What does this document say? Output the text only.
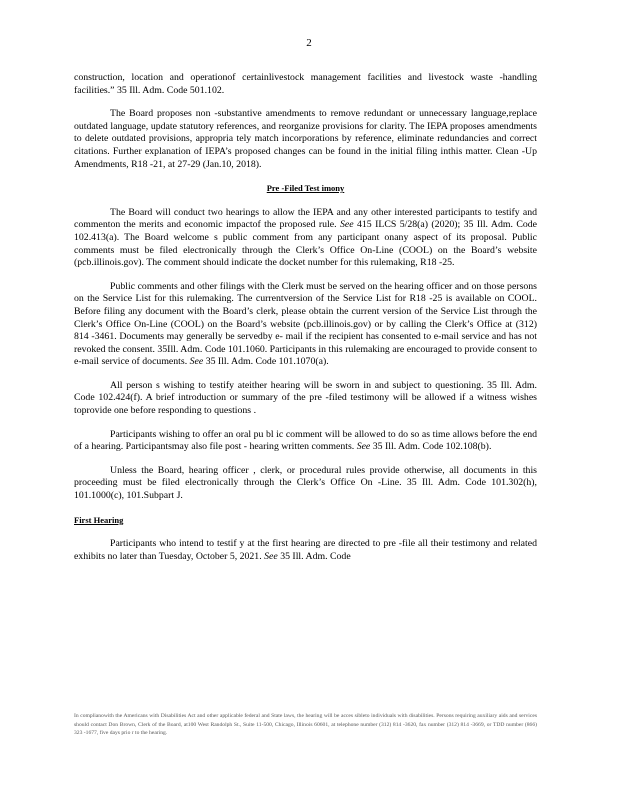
2

construction, location and operationof certainlivestock management facilities and livestock waste -handling facilities.” 35 Ill. Adm. Code 501.102.

The Board proposes non -substantive amendments to remove redundant or unnecessary language,replace outdated language, update statutory references, and reorganize provisions for clarity. The IEPA proposes amendments to delete outdated provisions, appropria tely match incorporations by reference, eliminate redundancies and correct citations. Further explanation of IEPA’s proposed changes can be found in the initial filing inthis matter. Clean -Up Amendments, R18 -21, at 27-29 (Jan.10, 2018).

Pre -Filed Test imony

The Board will conduct two hearings to allow the IEPA and any other interested participants to testify and commenton the merits and economic impactof the proposed rule. See 415 ILCS 5/28(a) (2020); 35 Ill. Adm. Code 102.413(a). The Board welcome s public comment from any participant onany aspect of its proposal. Public comments must be filed electronically through the Clerk’s Office On-Line (COOL) on the Board’s website (pcb.illinois.gov). The comment should indicate the docket number for this rulemaking, R18 -25.

Public comments and other filings with the Clerk must be served on the hearing officer and on those persons on the Service List for this rulemaking. The currentversion of the Service List for R18 -25 is available on COOL. Before filing any document with the Board’s clerk, please obtain the current version of the Service List through the Clerk’s Office On-Line (COOL) on the Board’s website (pcb.illinois.gov) or by calling the Clerk’s Office at (312) 814 -3461. Documents may generally be servedby e- mail if the recipient has consented to e-mail service and has not revoked the consent. 35Ill. Adm. Code 101.1060. Participants in this rulemaking are encouraged to provide consent to e-mail service of documents. See 35 Ill. Adm. Code 101.1070(a).

All person s wishing to testify ateither hearing will be sworn in and subject to questioning. 35 Ill. Adm. Code 102.424(f). A brief introduction or summary of the pre -filed testimony will be allowed if a witness wishes toprovide one before responding to questions .

Participants wishing to offer an oral pu bl ic comment will be allowed to do so as time allows before the end of a hearing. Participantsmay also file post - hearing written comments. See 35 Ill. Adm. Code 102.108(b).

Unless the Board, hearing officer , clerk, or procedural rules provide otherwise, all documents in this proceeding must be filed electronically through the Clerk’s Office On -Line. 35 Ill. Adm. Code 101.302(h), 101.1000(c), 101.Subpart J.

First Hearing

Participants who intend to testif y at the first hearing are directed to pre -file all their testimony and related exhibits no later than Tuesday, October 5, 2021. See 35 Ill. Adm. Code

In complianowith the Americans with Disabilities Act and other applicable federal and State laws, the hearing will be acces sibleto individuals with disabilities. Persons requiring auxiliary aids and services should contact Don Brown, Clerk of the Board, at100 West Randolph St., Suite 11-500, Chicago, Illinois 60601, at telephone number (312) 814 -3620, fax number (312) 814 -3669, or TDD number (866) 323 -1677, five days prio r to the hearing.
